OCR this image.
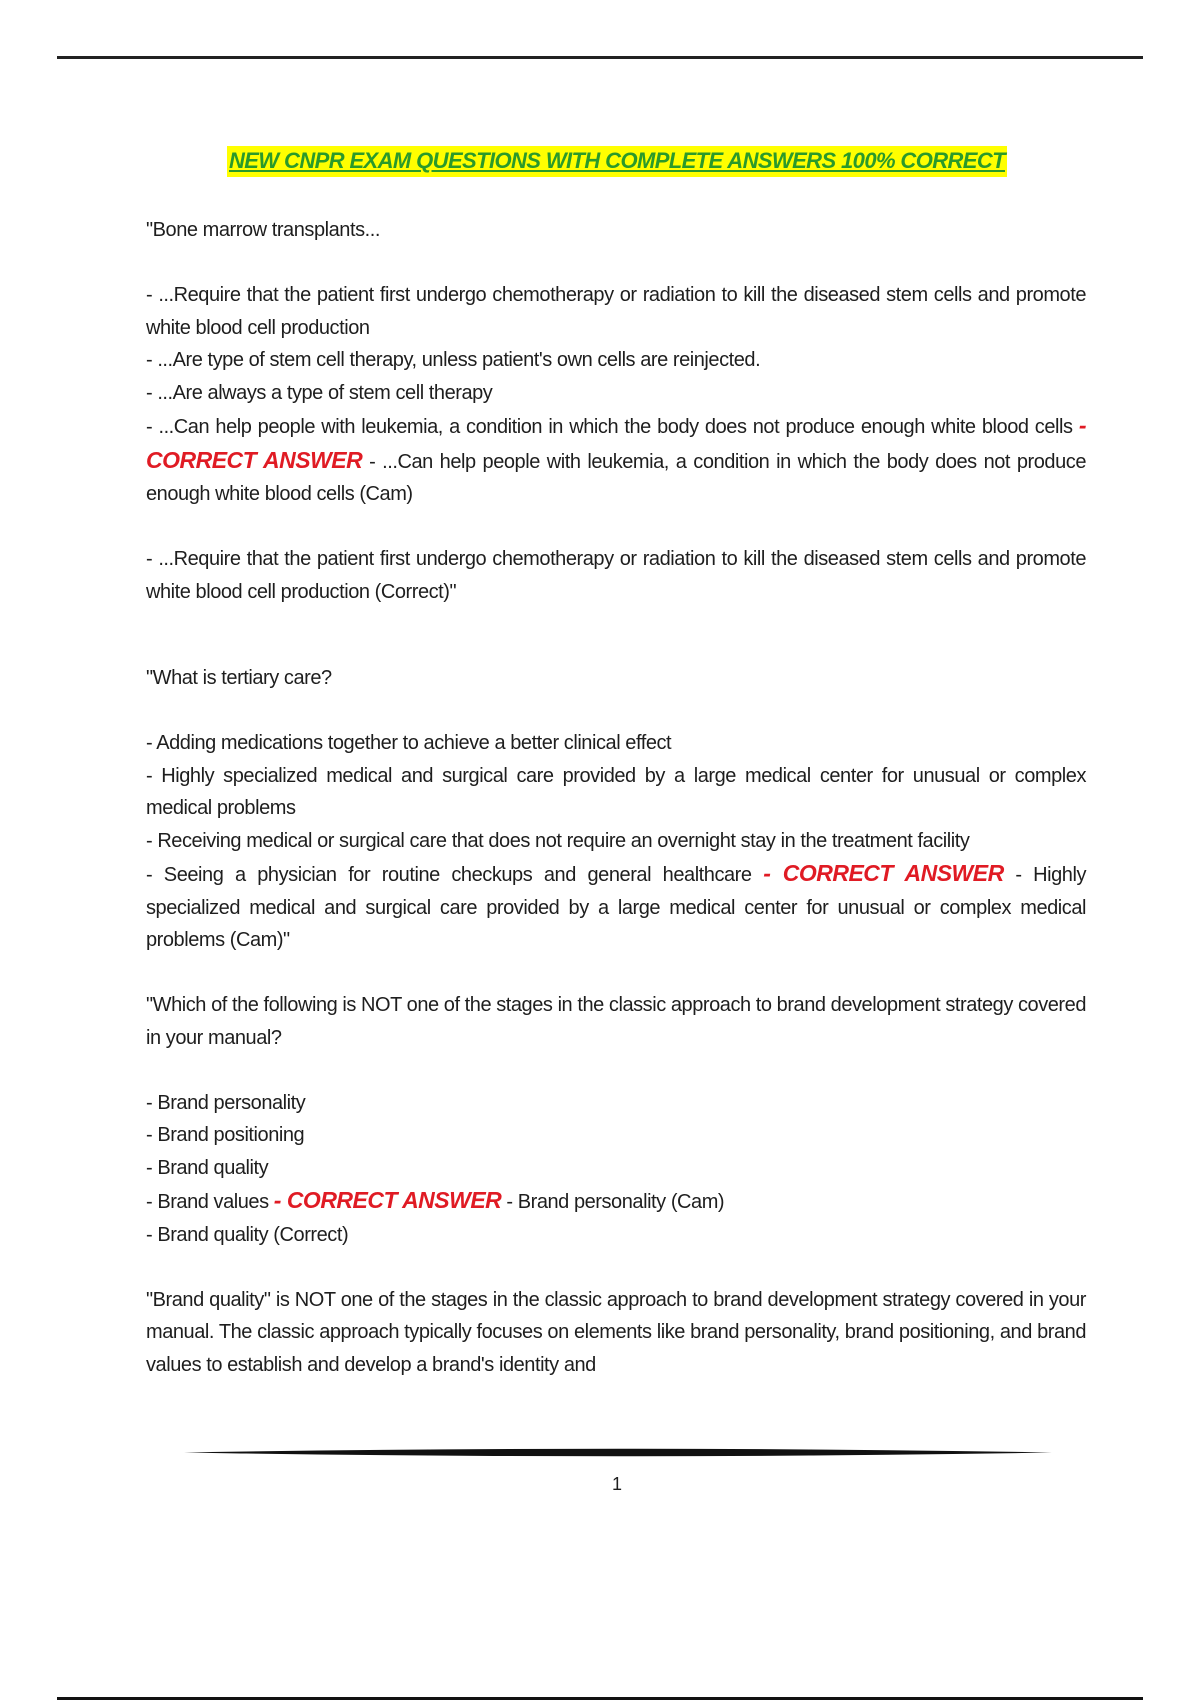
NEW CNPR EXAM QUESTIONS WITH COMPLETE ANSWERS 100% CORRECT

"Bone marrow transplants...

- ...Require that the patient first undergo chemotherapy or radiation to kill the diseased stem cells and promote white blood cell production

- ...Are type of stem cell therapy, unless patient's own cells are reinjected.

- ...Are always a type of stem cell therapy

- ...Can help people with leukemia, a condition in which the body does not produce enough white blood cells - CORRECT ANSWER - ...Can help people with leukemia, a condition in which the body does not produce enough white blood cells (Cam)

- ...Require that the patient first undergo chemotherapy or radiation to kill the diseased stem cells and promote white blood cell production (Correct)"

"What is tertiary care?

- Adding medications together to achieve a better clinical effect

- Highly specialized medical and surgical care provided by a large medical center for unusual or complex medical problems

- Receiving medical or surgical care that does not require an overnight stay in the treatment facility

- Seeing a physician for routine checkups and general healthcare - CORRECT ANSWER - Highly specialized medical and surgical care provided by a large medical center for unusual or complex medical problems (Cam)"

"Which of the following is NOT one of the stages in the classic approach to brand development strategy covered in your manual?

- Brand personality

- Brand positioning

- Brand quality

- Brand values - CORRECT ANSWER - Brand personality (Cam)

- Brand quality (Correct)

"Brand quality" is NOT one of the stages in the classic approach to brand development strategy covered in your manual. The classic approach typically focuses on elements like brand personality, brand positioning, and brand values to establish and develop a brand's identity and

1
